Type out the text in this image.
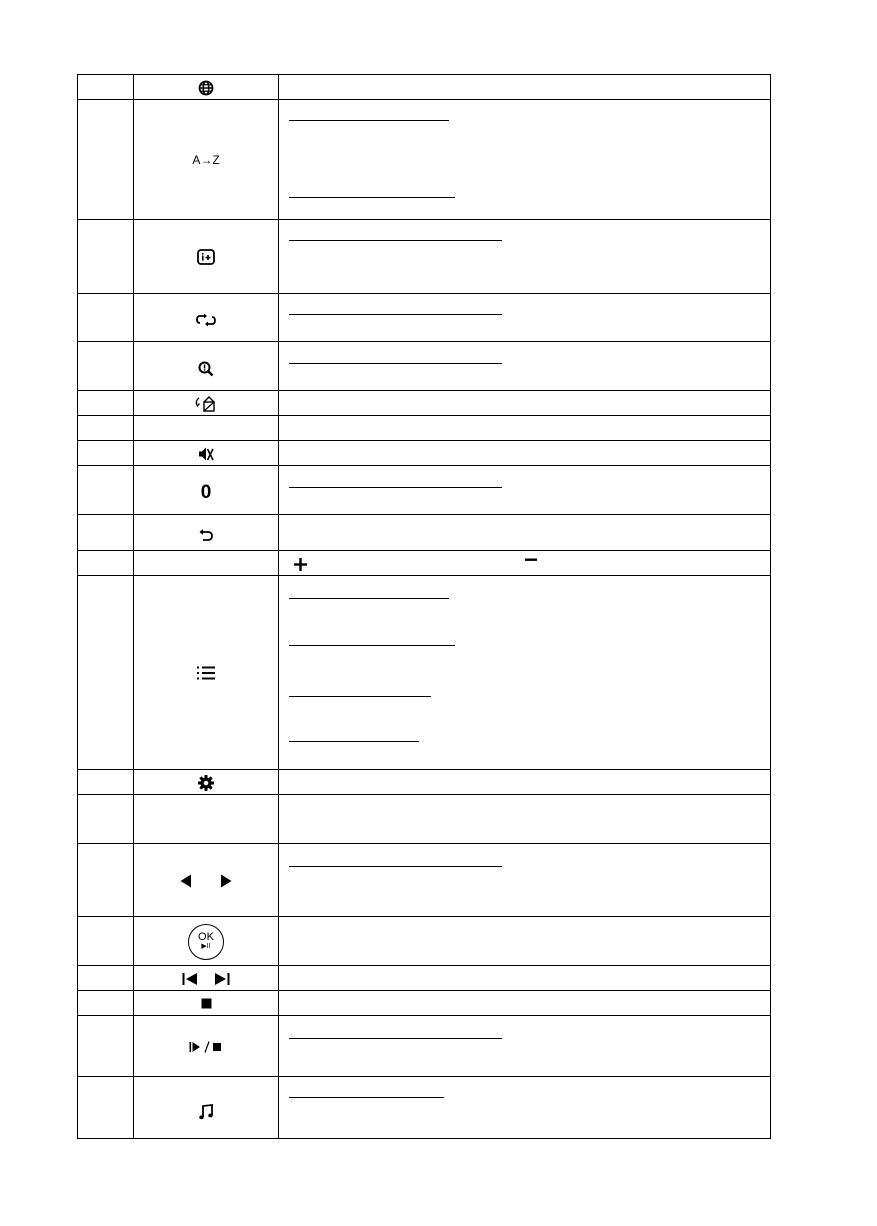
A→Z
0
OK
▶II
